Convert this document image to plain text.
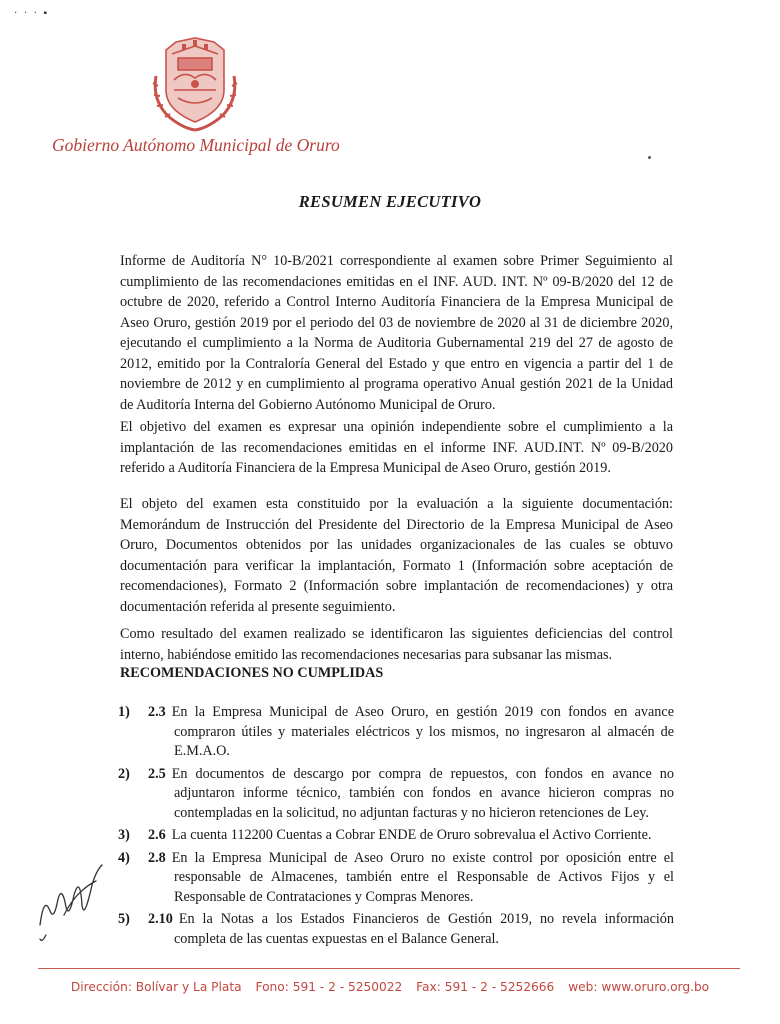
· · · ▪
Gobierno Autónomo Municipal de Oruro
RESUMEN EJECUTIVO

Informe de Auditoría N° 10-B/2021 correspondiente al examen sobre Primer Seguimiento al cumplimiento de las recomendaciones emitidas en el INF. AUD. INT. Nº 09-B/2020 del 12 de octubre de 2020, referido a Control Interno Auditoría Financiera de la Empresa Municipal de Aseo Oruro, gestión 2019 por el periodo del 03 de noviembre de 2020 al 31 de diciembre 2020, ejecutando el cumplimiento a la Norma de Auditoria Gubernamental 219 del 27 de agosto de 2012, emitido por la Contraloría General del Estado y que entro en vigencia a partir del 1 de noviembre de 2012 y en cumplimiento al programa operativo Anual gestión 2021 de la Unidad de Auditoría Interna del Gobierno Autónomo Municipal de Oruro.

El objetivo del examen es expresar una opinión independiente sobre el cumplimiento a la implantación de las recomendaciones emitidas en el informe INF. AUD.INT. Nº 09-B/2020 referido a Auditoría Financiera de la Empresa Municipal de Aseo Oruro, gestión 2019.

El objeto del examen esta constituido por la evaluación a la siguiente documentación: Memorándum de Instrucción del Presidente del Directorio de la Empresa Municipal de Aseo Oruro, Documentos obtenidos por las unidades organizacionales de las cuales se obtuvo documentación para verificar la implantación, Formato 1 (Información sobre aceptación de recomendaciones), Formato 2 (Información sobre implantación de recomendaciones) y otra documentación referida al presente seguimiento.

Como resultado del examen realizado se identificaron las siguientes deficiencias del control interno, habiéndose emitido las recomendaciones necesarias para subsanar las mismas.

RECOMENDACIONES NO CUMPLIDAS
1) 2.3 En la Empresa Municipal de Aseo Oruro, en gestión 2019 con fondos en avance compraron útiles y materiales eléctricos y los mismos, no ingresaron al almacén de E.M.A.O.
2) 2.5 En documentos de descargo por compra de repuestos, con fondos en avance no adjuntaron informe técnico, también con fondos en avance hicieron compras no contempladas en la solicitud, no adjuntan facturas y no hicieron retenciones de Ley.
3) 2.6 La cuenta 112200 Cuentas a Cobrar ENDE de Oruro sobrevalua el Activo Corriente.
4) 2.8 En la Empresa Municipal de Aseo Oruro no existe control por oposición entre el responsable de Almacenes, también entre el Responsable de Activos Fijos y el Responsable de Contrataciones y Compras Menores.
5) 2.10 En la Notas a los Estados Financieros de Gestión 2019, no revela información completa de las cuentas expuestas en el Balance General.
Dirección: Bolívar y La Plata Fono: 591 - 2 - 5250022 Fax: 591 - 2 - 5252666 web: www.oruro.org.bo
